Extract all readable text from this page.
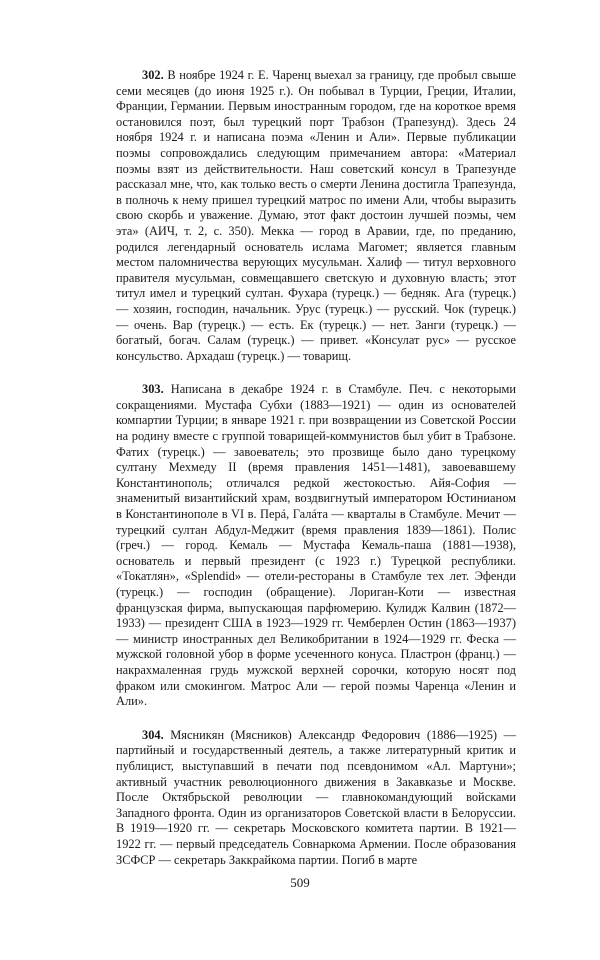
302. В ноябре 1924 г. Е. Чаренц выехал за границу, где пробыл свыше семи месяцев (до июня 1925 г.). Он побывал в Турции, Греции, Италии, Франции, Германии. Первым иностранным городом, где на короткое время остановился поэт, был турецкий порт Трабзон (Трапезунд). Здесь 24 ноября 1924 г. и написана поэма «Ленин и Али». Первые публикации поэмы сопровождались следующим примечанием автора: «Материал поэмы взят из действительности. Наш советский консул в Трапезунде рассказал мне, что, как только весть о смерти Ленина достигла Трапезунда, в полночь к нему пришел турецкий матрос по имени Али, чтобы выразить свою скорбь и уважение. Думаю, этот факт достоин лучшей поэмы, чем эта» (АИЧ, т. 2, с. 350). Мекка — город в Аравии, где, по преданию, родился легендарный основатель ислама Магомет; является главным местом паломничества верующих мусульман. Халиф — титул верховного правителя мусульман, совмещавшего светскую и духовную власть; этот титул имел и турецкий султан. Фухара (турецк.) — бедняк. Ага (турецк.) — хозяин, господин, начальник. Урус (турецк.) — русский. Чок (турецк.) — очень. Вар (турецк.) — есть. Ек (турецк.) — нет. Занги (турецк.) — богатый, богач. Салам (турецк.) — привет. «Консулат рус» — русское консульство. Архадаш (турецк.) — товарищ.

303. Написана в декабре 1924 г. в Стамбуле. Печ. с некоторыми сокращениями. Мустафа Субхи (1883—1921) — один из основателей компартии Турции; в январе 1921 г. при возвращении из Советской России на родину вместе с группой товарищей-коммунистов был убит в Трабзоне. Фатих (турецк.) — завоеватель; это прозвище было дано турецкому султану Мехмеду II (время правления 1451—1481), завоевавшему Константинополь; отличался редкой жестокостью. Айя-София — знаменитый византийский храм, воздвигнутый императором Юстинианом в Константинополе в VI в. Перá, Галáта — кварталы в Стамбуле. Мечит — турецкий султан Абдул-Меджит (время правления 1839—1861). Полис (греч.) — город. Кемаль — Мустафа Кемаль-паша (1881—1938), основатель и первый президент (с 1923 г.) Турецкой республики. «Токатлян», «Splendid» — отели-рестораны в Стамбуле тех лет. Эфенди (турецк.) — господин (обращение). Лориган-Коти — известная французская фирма, выпускающая парфюмерию. Кулидж Калвин (1872—1933) — президент США в 1923—1929 гг. Чемберлен Остин (1863—1937) — министр иностранных дел Великобритании в 1924—1929 гг. Феска — мужской головной убор в форме усеченного конуса. Пластрон (франц.) — накрахмаленная грудь мужской верхней сорочки, которую носят под фраком или смокингом. Матрос Али — герой поэмы Чаренца «Ленин и Али».

304. Мясникян (Мясников) Александр Федорович (1886—1925) — партийный и государственный деятель, а также литературный критик и публицист, выступавший в печати под псевдонимом «Ал. Мартуни»; активный участник революционного движения в Закавказье и Москве. После Октябрьской революции — главнокомандующий войсками Западного фронта. Один из организаторов Советской власти в Белоруссии. В 1919—1920 гг. — секретарь Московского комитета партии. В 1921—1922 гг. — первый председатель Совнаркома Армении. После образования ЗСФСР — секретарь Заккрайкома партии. Погиб в марте

509
